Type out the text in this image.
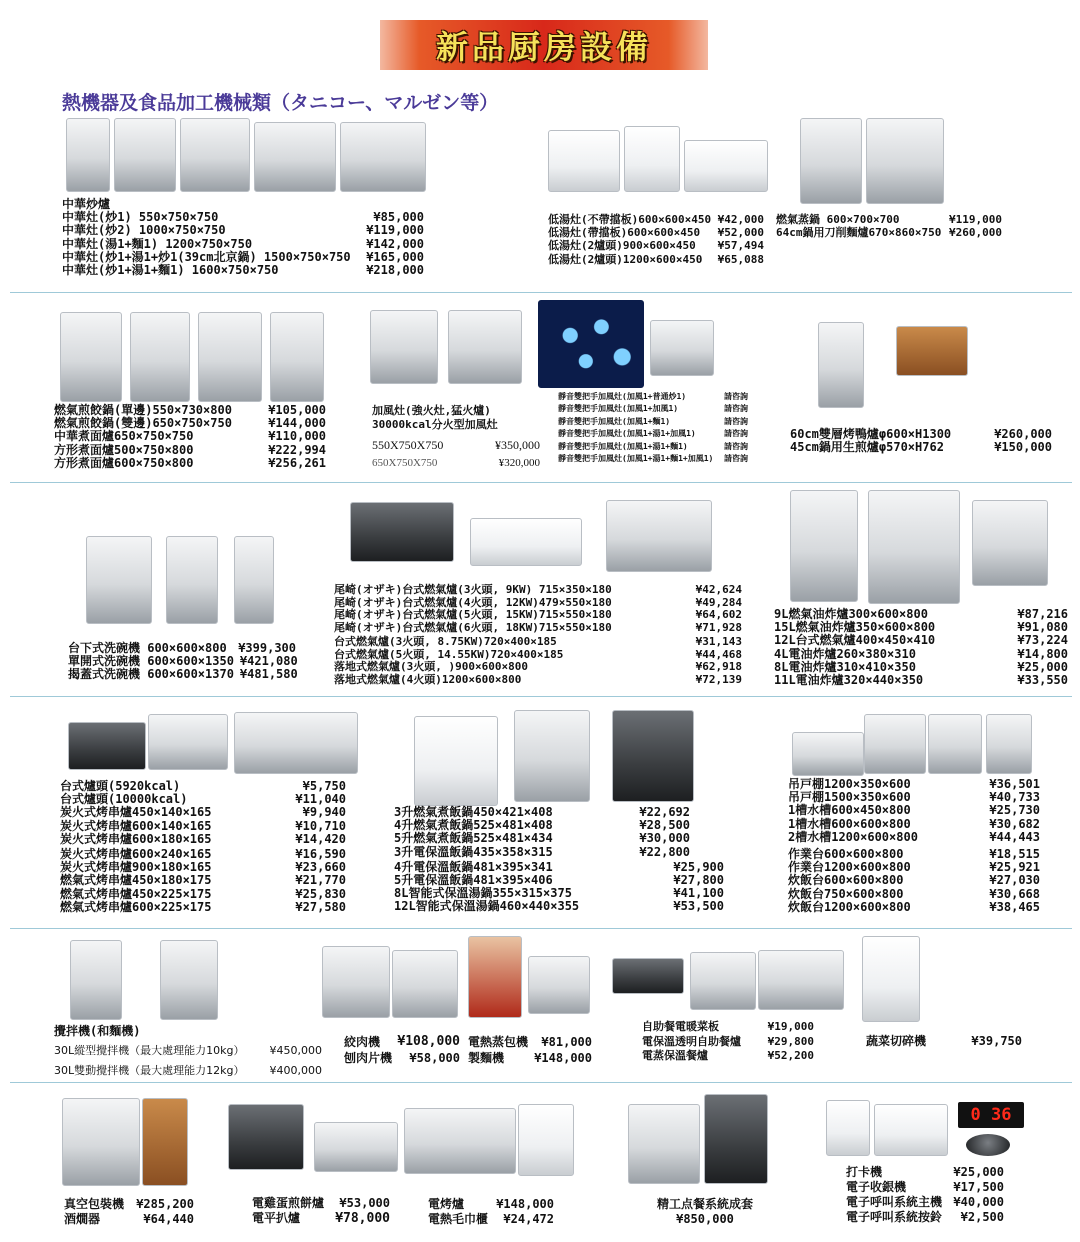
新品厨房設備
熱機器及食品加工機械類（タニコー、マルゼン等）
中華炒爐
中華灶(炒1) 550×750×750	¥85,000
中華灶(炒2) 1000×750×750	¥119,000
中華灶(湯1+麵1) 1200×750×750	¥142,000
中華灶(炒1+湯1+炒1(39cm北京鍋) 1500×750×750	¥165,000
中華灶(炒1+湯1+麵1) 1600×750×750	¥218,000
低湯灶(不帶擋板)600×600×450 ¥42,000
低湯灶(帶擋板)600×600×450	¥52,000
低湯灶(2爐頭)900×600×450	¥57,494
低湯灶(2爐頭)1200×600×450	¥65,088
燃氣蒸鍋 600×700×700	¥119,000
64cm鍋用刀削麵爐670×860×750 ¥260,000
燃氣煎餃鍋(單邊)550×730×800	¥105,000
燃氣煎餃鍋(雙邊)650×750×750	¥144,000
中華煮面爐650×750×750	¥110,000
方形煮面爐500×750×800	¥222,994
方形煮面爐600×750×800	¥256,261
加風灶(強火灶,猛火爐)
30000kcal分火型加風灶
550X750X750	¥350,000
650X750X750	¥320,000
靜音雙把手加風灶(加風1+普通炒1)	請咨詢
靜音雙把手加風灶(加風1+加風1)	請咨詢
靜音雙把手加風灶(加風1+麵1)	請咨詢
靜音雙把手加風灶(加風1+湯1+加風1)	請咨詢
靜音雙把手加風灶(加風1+湯1+麵1)	請咨詢
靜音雙把手加風灶(加風1+湯1+麵1+加風1)	請咨詢
60cm雙層烤鴨爐φ600×H1300	¥260,000
45cm鍋用生煎爐φ570×H762	¥150,000
台下式洗碗機 600×600×800 ¥399,300
單開式洗碗機 600×600×1350 ¥421,080
揭蓋式洗碗機 600×600×1370 ¥481,580
尾崎(オザキ)台式燃氣爐(3火頭, 9KW) 715×350×180	¥42,624
尾崎(オザキ)台式燃氣爐(4火頭, 12KW)479×550×180	¥49,284
尾崎(オザキ)台式燃氣爐(5火頭, 15KW)715×550×180	¥64,602
尾崎(オザキ)台式燃氣爐(6火頭, 18KW)715×550×180	¥71,928
台式燃氣爐(3火頭, 8.75KW)720×400×185	¥31,143
台式燃氣爐(5火頭, 14.55KW)720×400×185	¥44,468
落地式燃氣爐(3火頭, )900×600×800	¥62,918
落地式燃氣爐(4火頭)1200×600×800	¥72,139
9L燃氣油炸爐300×600×800	¥87,216
15L燃氣油炸爐350×600×800	¥91,080
12L台式燃氣爐400×450×410	¥73,224
4L電油炸爐260×380×310	¥14,800
8L電油炸爐310×410×350	¥25,000
11L電油炸爐320×440×350	¥33,550
台式爐頭(5920kcal)	¥5,750
台式爐頭(10000kcal)	¥11,040
炭火式烤串爐450×140×165	¥9,940
炭火式烤串爐600×140×165	¥10,710
炭火式烤串爐600×180×165	¥14,420
炭火式烤串爐600×240×165	¥16,590
炭火式烤串爐900×180×165	¥23,660
燃氣式烤串爐450×180×175	¥21,770
燃氣式烤串爐450×225×175	¥25,830
燃氣式烤串爐600×225×175	¥27,580
3升燃氣煮飯鍋450×421×408	¥22,692
4升燃氣煮飯鍋525×481×408	¥28,500
5升燃氣煮飯鍋525×481×434	¥30,000
3升電保溫飯鍋435×358×315	¥22,800
4升電保溫飯鍋481×395×341	¥25,900
5升電保溫飯鍋481×395×406	¥27,800
8L智能式保溫湯鍋355×315×375	¥41,100
12L智能式保溫湯鍋460×440×355	¥53,500
吊戸棚1200×350×600	¥36,501
吊戸棚1500×350×600	¥40,733
1槽水槽600×450×800	¥25,730
1槽水槽600×600×800	¥30,682
2槽水槽1200×600×800	¥44,443
作業台600×600×800	¥18,515
作業台1200×600×800	¥25,921
炊飯台600×600×800	¥27,030
炊飯台750×600×800	¥30,668
炊飯台1200×600×800	¥38,465
攪拌機(和麵機)
30L縱型攪拌機（最大處理能力10kg）	¥450,000
30L雙動攪拌機（最大處理能力12kg）	¥400,000
絞肉機	¥108,000
刨肉片機	¥58,000
電熱蒸包機	¥81,000
製麵機	¥148,000
自助餐電暖菜板	¥19,000
電保溫透明自助餐爐	¥29,800
電蒸保溫餐爐	¥52,200
蔬菜切碎機	¥39,750
0 36
真空包裝機	¥285,200
酒燗器	¥64,440
電雞蛋煎餅爐	¥53,000
電平扒爐	¥78,000
電烤爐	¥148,000
電熱毛巾櫃	¥24,472
精工点餐系統成套
¥850,000
打卡機	¥25,000
電子收銀機	¥17,500
電子呼叫系統主機 ¥40,000
電子呼叫系統按鈴	¥2,500
